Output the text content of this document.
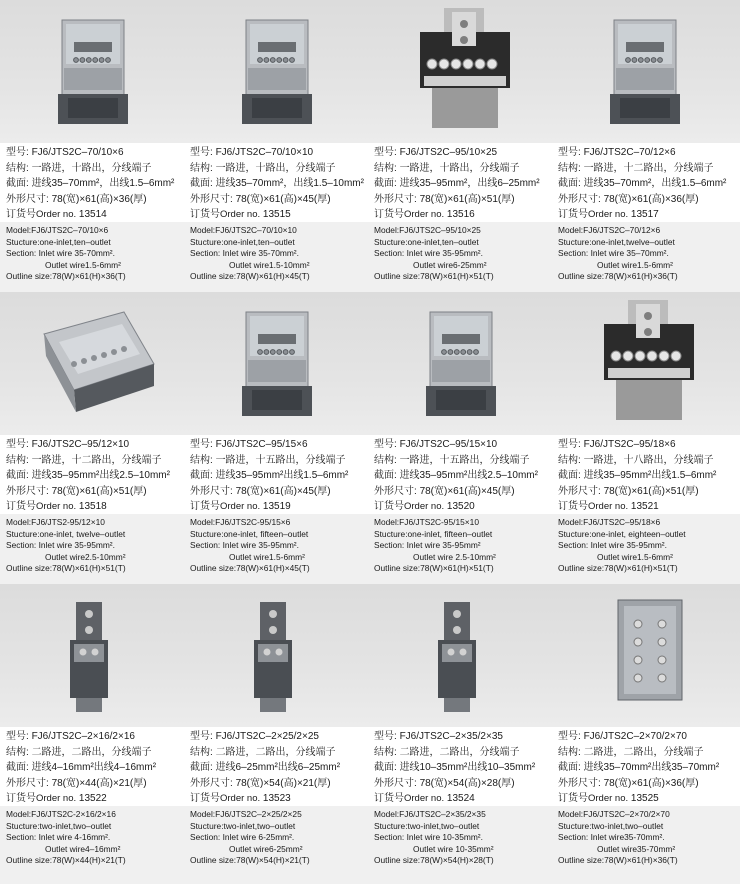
型号: FJ6/JTS2C–70/10×6
结构: 一路进，十路出，分线端子
截面: 进线35–70mm²，出线1.5–6mm²
外形尺寸: 78(宽)×61(高)×36(厚)
订货号Order no. 13514
Model:FJ6/JTS2C–70/10×6
Stucture:one-inlet,ten–outlet
Section: Inlet wire 35-70mm².
Outlet wire1.5-6mm²
Outline size:78(W)×61(H)×36(T)
型号: FJ6/JTS2C–70/10×10
结构: 一路进，十路出，分线端子
截面: 进线35–70mm²，出线1.5–10mm²
外形尺寸: 78(宽)×61(高)×45(厚)
订货号Order no. 13515
Model:FJ6/JTS2C–70/10×10
Stucture:one-inlet,ten–outlet
Section: Inlet wire 35-70mm².
Outlet wire1.5-10mm²
Outline size:78(W)×61(H)×45(T)
型号: FJ6/JTS2C–95/10×25
结构: 一路进，十路出，分线端子
截面: 进线35–95mm²，出线6–25mm²
外形尺寸: 78(宽)×61(高)×51(厚)
订货号Order no. 13516
Model:FJ6/JTS2C–95/10×25
Stucture:one-inlet,ten–outlet
Section: Inlet wire 35-95mm².
Outlet wire6-25mm²
Outline size:78(W)×61(H)×51(T)
型号: FJ6/JTS2C–70/12×6
结构: 一路进，十二路出，分线端子
截面: 进线35–70mm²，出线1.5–6mm²
外形尺寸: 78(宽)×61(高)×36(厚)
订货号Order no. 13517
Model:FJ6/JTS2C–70/12×6
Stucture:one-inlet,twelve–outlet
Section: Inlet wire 35–70mm².
Outlet wire1.5-6mm²
Outline size:78(W)×61(H)×36(T)
型号: FJ6/JTS2C–95/12×10
结构: 一路进，十二路出，分线端子
截面: 进线35–95mm²出线2.5–10mm²
外形尺寸: 78(宽)×61(高)×51(厚)
订货号Order no. 13518
Model:FJ6/JTS2-95/12×10
Stucture:one-inlet, twelve–outlet
Section: Inlet wire 35-95mm².
Outlet wire2.5-10mm²
Outline size:78(W)×61(H)×51(T)
型号: FJ6/JTS2C–95/15×6
结构: 一路进，十五路出，分线端子
截面: 进线35–95mm²出线1.5–6mm²
外形尺寸: 78(宽)×61(高)×45(厚)
订货号Order no. 13519
Model:FJ6/JTS2C-95/15×6
Stucture:one-inlet, fifteen–outlet
Section: Inlet wire 35-95mm².
Outlet wire1.5-6mm²
Outline size:78(W)×61(H)×45(T)
型号: FJ6/JTS2C–95/15×10
结构: 一路进，十五路出，分线端子
截面: 进线35–95mm²出线2.5–10mm²
外形尺寸: 78(宽)×61(高)×45(厚)
订货号Order no. 13520
Model:FJ6/JTS2C-95/15×10
Stucture:one-inlet, fifteen–outlet
Section: Inlet wire 35-95mm²
Outlet wire 2.5-10mm²
Outline size:78(W)×61(H)×51(T)
型号: FJ6/JTS2C–95/18×6
结构: 一路进，十八路出，分线端子
截面: 进线35–95mm²出线1.5–6mm²
外形尺寸: 78(宽)×61(高)×51(厚)
订货号Order no. 13521
Model:FJ6/JTS2C–95/18×6
Stucture:one-inlet, eighteen–outlet
Section: Inlet wire 35-95mm².
Outlet wire1.5-6mm²
Outline size:78(W)×61(H)×51(T)
型号: FJ6/JTS2C–2×16/2×16
结构: 二路进，二路出，分线端子
截面: 进线4–16mm²出线4–16mm²
外形尺寸: 78(宽)×44(高)×21(厚)
订货号Order no. 13522
Model:FJ6/JTS2C-2×16/2×16
Stucture:two-inlet,two–outlet
Section: Inlet wire 4-16mm².
Outlet wire4–16mm²
Outline size:78(W)×44(H)×21(T)
型号: FJ6/JTS2C–2×25/2×25
结构: 二路进，二路出，分线端子
截面: 进线6–25mm²出线6–25mm²
外形尺寸: 78(宽)×54(高)×21(厚)
订货号Order no. 13523
Model:FJ6/JTS2C–2×25/2×25
Stucture:two-inlet,two–outlet
Section: Inlet wire 6-25mm².
Outlet wire6-25mm²
Outline size:78(W)×54(H)×21(T)
型号: FJ6/JTS2C–2×35/2×35
结构: 二路进，二路出，分线端子
截面: 进线10–35mm²出线10–35mm²
外形尺寸: 78(宽)×54(高)×28(厚)
订货号Order no. 13524
Model:FJ6/JTS2C–2×35/2×35
Stucture:two-inlet,two–outlet
Section: Inlet wire 10-35mm².
Outlet wire 10-35mm²
Outline size:78(W)×54(H)×28(T)
型号: FJ6/JTS2C–2×70/2×70
结构: 二路进，二路出，分线端子
截面: 进线35–70mm²出线35–70mm²
外形尺寸: 78(宽)×61(高)×36(厚)
订货号Order no. 13525
Model:FJ6/JTS2C–2×70/2×70
Stucture:two-inlet,two–outlet
Section: Inlet wire35-70mm².
Outlet wire35-70mm²
Outline size:78(W)×61(H)×36(T)
